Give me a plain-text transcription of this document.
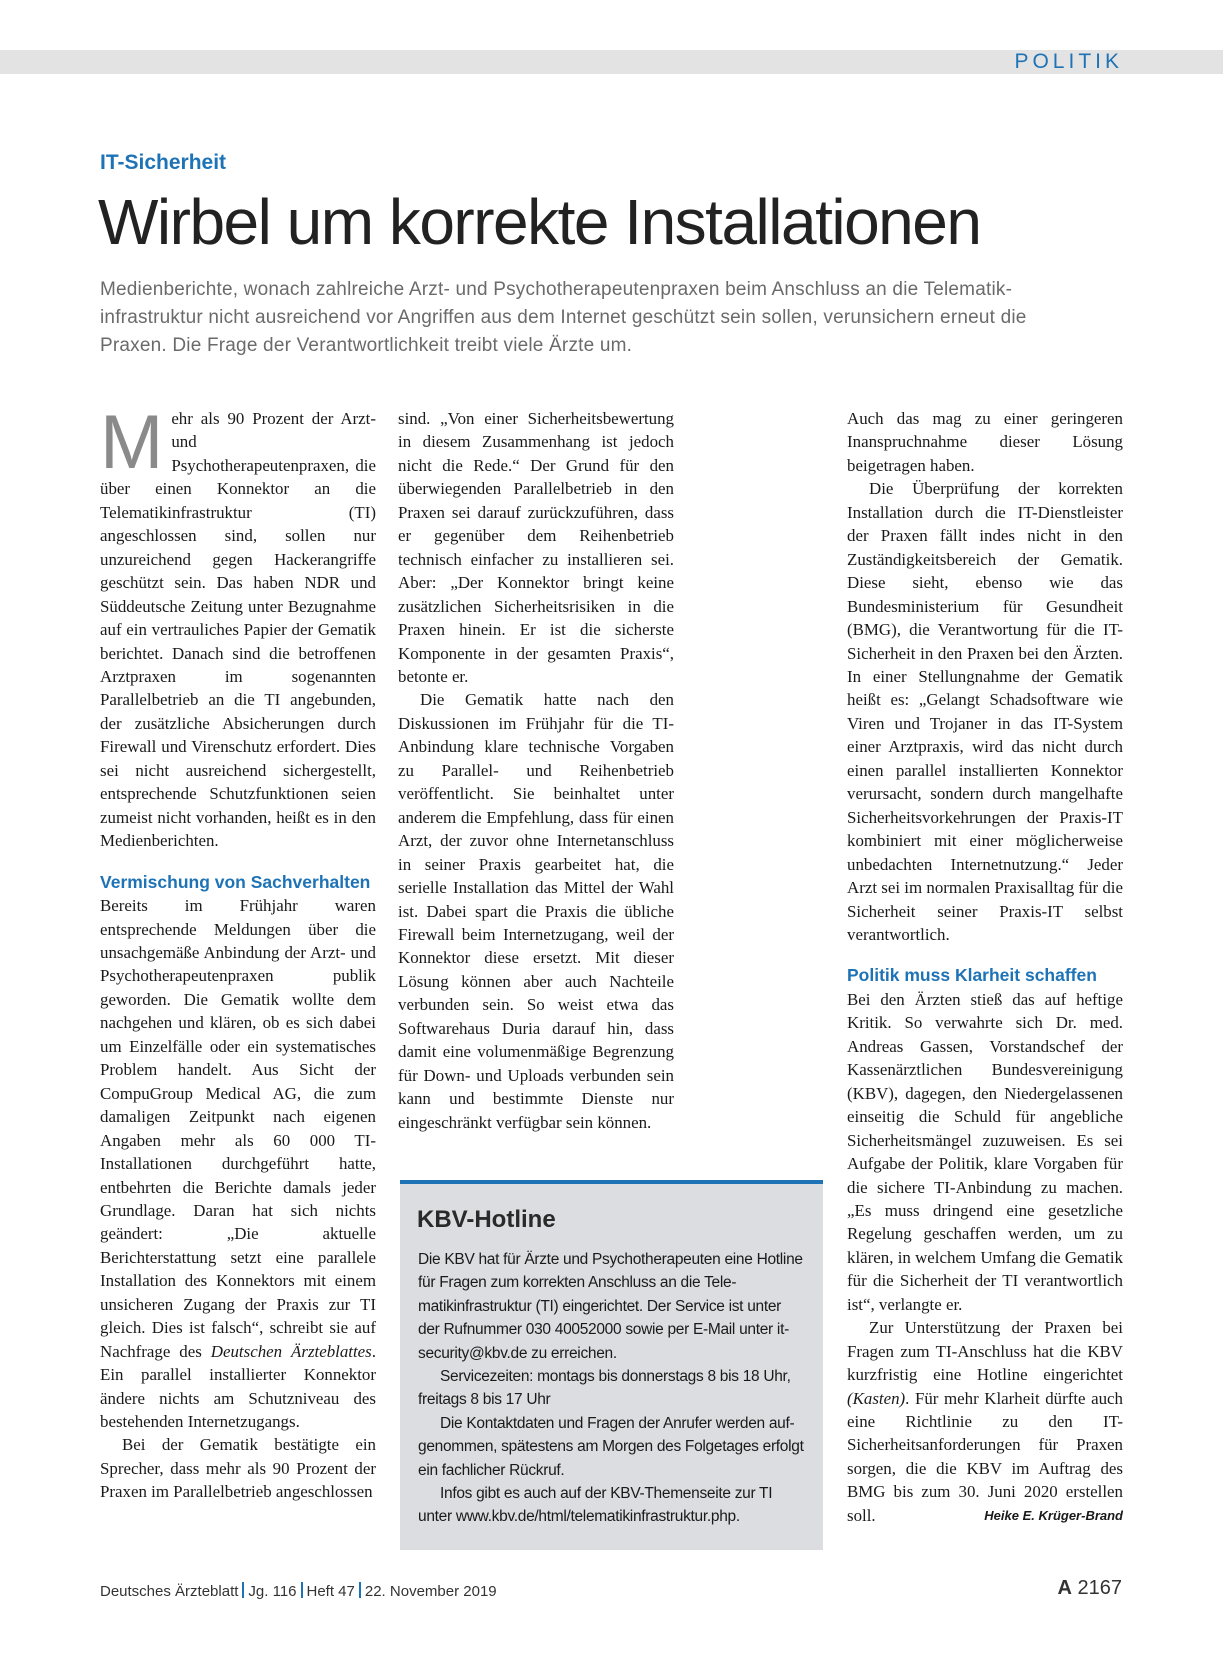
POLITIK
IT-Sicherheit
Wirbel um korrekte Installationen
Medienberichte, wonach zahlreiche Arzt- und Psychotherapeutenpraxen beim Anschluss an die Telematikinfrastruktur nicht ausreichend vor Angriffen aus dem Internet geschützt sein sollen, verunsichern erneut die Praxen. Die Frage der Verantwortlichkeit treibt viele Ärzte um.

Mehr als 90 Prozent der Arzt- und Psychotherapeutenpraxen, die über einen Konnektor an die Telematikinfrastruktur (TI) angeschlossen sind, sollen nur unzureichend gegen Hackerangriffe geschützt sein. Das haben NDR und Süddeutsche Zeitung unter Bezugnahme auf ein vertrauliches Papier der Gematik berichtet. Danach sind die betroffenen Arztpraxen im sogenannten Parallelbetrieb an die TI angebunden, der zusätzliche Absicherungen durch Firewall und Virenschutz erfordert. Dies sei nicht ausreichend sichergestellt, entsprechende Schutzfunktionen seien zumeist nicht vorhanden, heißt es in den Medienberichten.

Vermischung von Sachverhalten

Bereits im Frühjahr waren entsprechende Meldungen über die unsachgemäße Anbindung der Arzt- und Psychotherapeutenpraxen publik geworden. Die Gematik wollte dem nachgehen und klären, ob es sich dabei um Einzelfälle oder ein systematisches Problem handelt. Aus Sicht der CompuGroup Medical AG, die zum damaligen Zeitpunkt nach eigenen Angaben mehr als 60 000 TI-Installationen durchgeführt hatte, entbehrten die Berichte damals jeder Grundlage. Daran hat sich nichts geändert: „Die aktuelle Berichterstattung setzt eine parallele Installation des Konnektors mit einem unsicheren Zugang der Praxis zur TI gleich. Dies ist falsch“, schreibt sie auf Nachfrage des Deutschen Ärzteblattes. Ein parallel installierter Konnektor ändere nichts am Schutzniveau des bestehenden Internetzugangs.

Bei der Gematik bestätigte ein Sprecher, dass mehr als 90 Prozent der Praxen im Parallelbetrieb angeschlossen

sind. „Von einer Sicherheitsbewertung in diesem Zusammenhang ist jedoch nicht die Rede.“ Der Grund für den überwiegenden Parallelbetrieb in den Praxen sei darauf zurückzuführen, dass er gegenüber dem Reihenbetrieb technisch einfacher zu installieren sei. Aber: „Der Konnektor bringt keine zusätzlichen Sicherheitsrisiken in die Praxen hinein. Er ist die sicherste Komponente in der gesamten Praxis“, betonte er.

Die Gematik hatte nach den Diskussionen im Frühjahr für die TI-Anbindung klare technische Vorgaben zu Parallel- und Reihenbetrieb veröffentlicht. Sie beinhaltet unter anderem die Empfehlung, dass für einen Arzt, der zuvor ohne Internetanschluss in seiner Praxis gearbeitet hat, die serielle Installation das Mittel der Wahl ist. Dabei spart die Praxis die übliche Firewall beim Internetzugang, weil der Konnektor diese ersetzt. Mit dieser Lösung können aber auch Nachteile verbunden sein. So weist etwa das Softwarehaus Duria darauf hin, dass damit eine volumenmäßige Begrenzung für Down- und Uploads verbunden sein kann und bestimmte Dienste nur eingeschränkt verfügbar sein können.

Auch das mag zu einer geringeren Inanspruchnahme dieser Lösung beigetragen haben.

Die Überprüfung der korrekten Installation durch die IT-Dienstleister der Praxen fällt indes nicht in den Zuständigkeitsbereich der Gematik. Diese sieht, ebenso wie das Bundesministerium für Gesundheit (BMG), die Verantwortung für die IT-Sicherheit in den Praxen bei den Ärzten. In einer Stellungnahme der Gematik heißt es: „Gelangt Schadsoftware wie Viren und Trojaner in das IT-System einer Arztpraxis, wird das nicht durch einen parallel installierten Konnektor verursacht, sondern durch mangelhafte Sicherheitsvorkehrungen der Praxis-IT kombiniert mit einer möglicherweise unbedachten Internetnutzung.“ Jeder Arzt sei im normalen Praxisalltag für die Sicherheit seiner Praxis-IT selbst verantwortlich.

Politik muss Klarheit schaffen

Bei den Ärzten stieß das auf heftige Kritik. So verwahrte sich Dr. med. Andreas Gassen, Vorstandschef der Kassenärztlichen Bundesvereinigung (KBV), dagegen, den Niedergelassenen einseitig die Schuld für angebliche Sicherheitsmängel zuzuweisen. Es sei Aufgabe der Politik, klare Vorgaben für die sichere TI-Anbindung zu machen. „Es muss dringend eine gesetzliche Regelung geschaffen werden, um zu klären, in welchem Umfang die Gematik für die Sicherheit der TI verantwortlich ist“, verlangte er.

Zur Unterstützung der Praxen bei Fragen zum TI-Anschluss hat die KBV kurzfristig eine Hotline eingerichtet (Kasten). Für mehr Klarheit dürfte auch eine Richtlinie zu den IT-Sicherheitsanforderungen für Praxen sorgen, die die KBV im Auftrag des BMG bis zum 30. Juni 2020 erstellen soll.	Heike E. Krüger-Brand

KBV-Hotline

Die KBV hat für Ärzte und Psychotherapeuten eine Hotline für Fragen zum korrekten Anschluss an die Telematikinfrastruktur (TI) eingerichtet. Der Service ist unter der Rufnummer 030 40052000 sowie per E-Mail unter it-security@kbv.de zu erreichen.

Servicezeiten: montags bis donnerstags 8 bis 18 Uhr, freitags 8 bis 17 Uhr

Die Kontaktdaten und Fragen der Anrufer werden aufgenommen, spätestens am Morgen des Folgetages erfolgt ein fachlicher Rückruf.

Infos gibt es auch auf der KBV-Themenseite zur TI unter www.kbv.de/html/telematikinfrastruktur.php.

Deutsches Ärzteblatt Jg. 116 Heft 47 22. November 2019	A 2167
